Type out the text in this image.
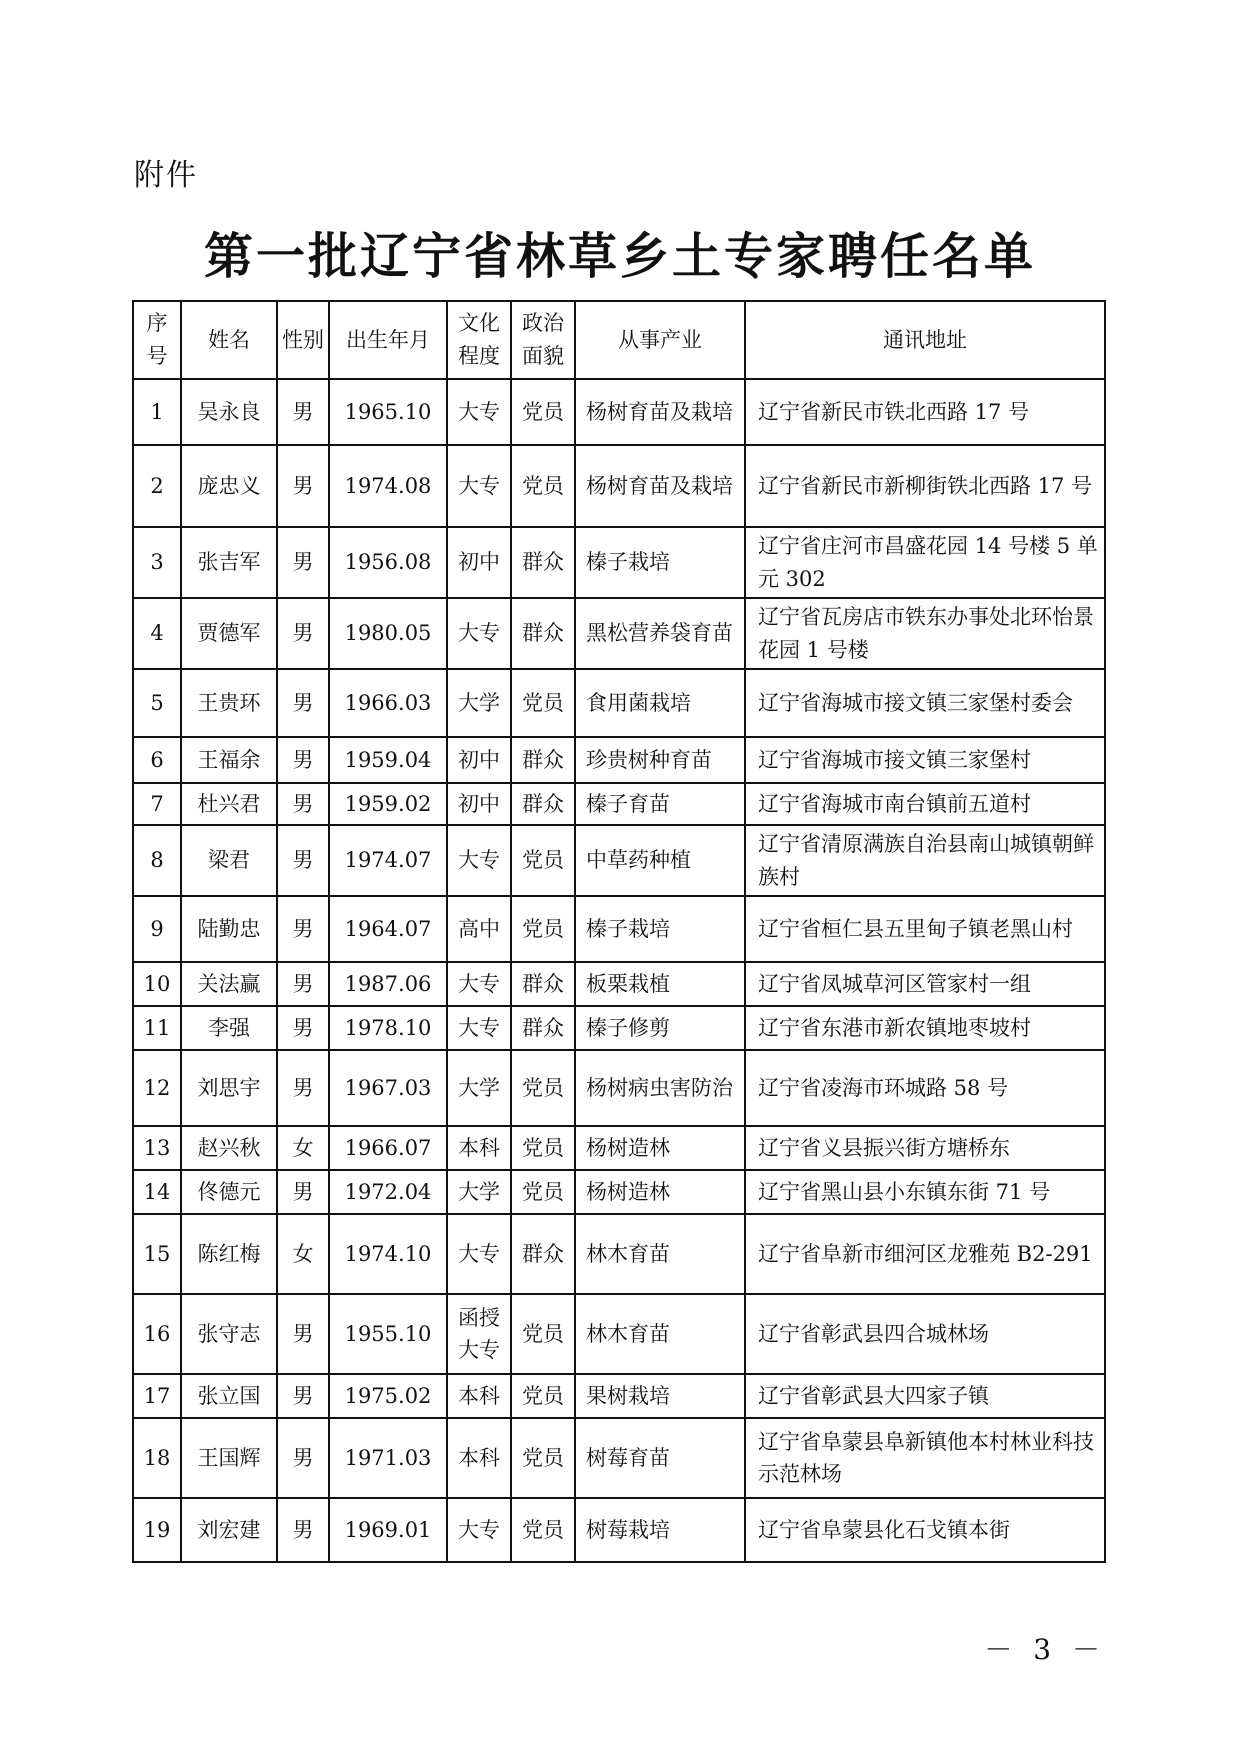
附件
第一批辽宁省林草乡土专家聘任名单
序号	姓名	性别	出生年月	文化程度	政治面貌	从事产业	通讯地址
1	吴永良	男	1965.10	大专	党员	杨树育苗及栽培	辽宁省新民市铁北西路 17 号
2	庞忠义	男	1974.08	大专	党员	杨树育苗及栽培	辽宁省新民市新柳街铁北西路 17 号
3	张吉军	男	1956.08	初中	群众	榛子栽培	辽宁省庄河市昌盛花园 14 号楼 5 单元 302
4	贾德军	男	1980.05	大专	群众	黑松营养袋育苗	辽宁省瓦房店市铁东办事处北环怡景花园 1 号楼
5	王贵环	男	1966.03	大学	党员	食用菌栽培	辽宁省海城市接文镇三家堡村委会
6	王福余	男	1959.04	初中	群众	珍贵树种育苗	辽宁省海城市接文镇三家堡村
7	杜兴君	男	1959.02	初中	群众	榛子育苗	辽宁省海城市南台镇前五道村
8	梁君	男	1974.07	大专	党员	中草药种植	辽宁省清原满族自治县南山城镇朝鲜族村
9	陆勤忠	男	1964.07	高中	党员	榛子栽培	辽宁省桓仁县五里甸子镇老黑山村
10	关法赢	男	1987.06	大专	群众	板栗栽植	辽宁省凤城草河区管家村一组
11	李强	男	1978.10	大专	群众	榛子修剪	辽宁省东港市新农镇地枣坡村
12	刘思宇	男	1967.03	大学	党员	杨树病虫害防治	辽宁省凌海市环城路 58 号
13	赵兴秋	女	1966.07	本科	党员	杨树造林	辽宁省义县振兴街方塘桥东
14	佟德元	男	1972.04	大学	党员	杨树造林	辽宁省黑山县小东镇东街 71 号
15	陈红梅	女	1974.10	大专	群众	林木育苗	辽宁省阜新市细河区龙雅苑 B2-291
16	张守志	男	1955.10	函授大专	党员	林木育苗	辽宁省彰武县四合城林场
17	张立国	男	1975.02	本科	党员	果树栽培	辽宁省彰武县大四家子镇
18	王国辉	男	1971.03	本科	党员	树莓育苗	辽宁省阜蒙县阜新镇他本村林业科技示范林场
19	刘宏建	男	1969.01	大专	党员	树莓栽培	辽宁省阜蒙县化石戈镇本街
－ 3 －
